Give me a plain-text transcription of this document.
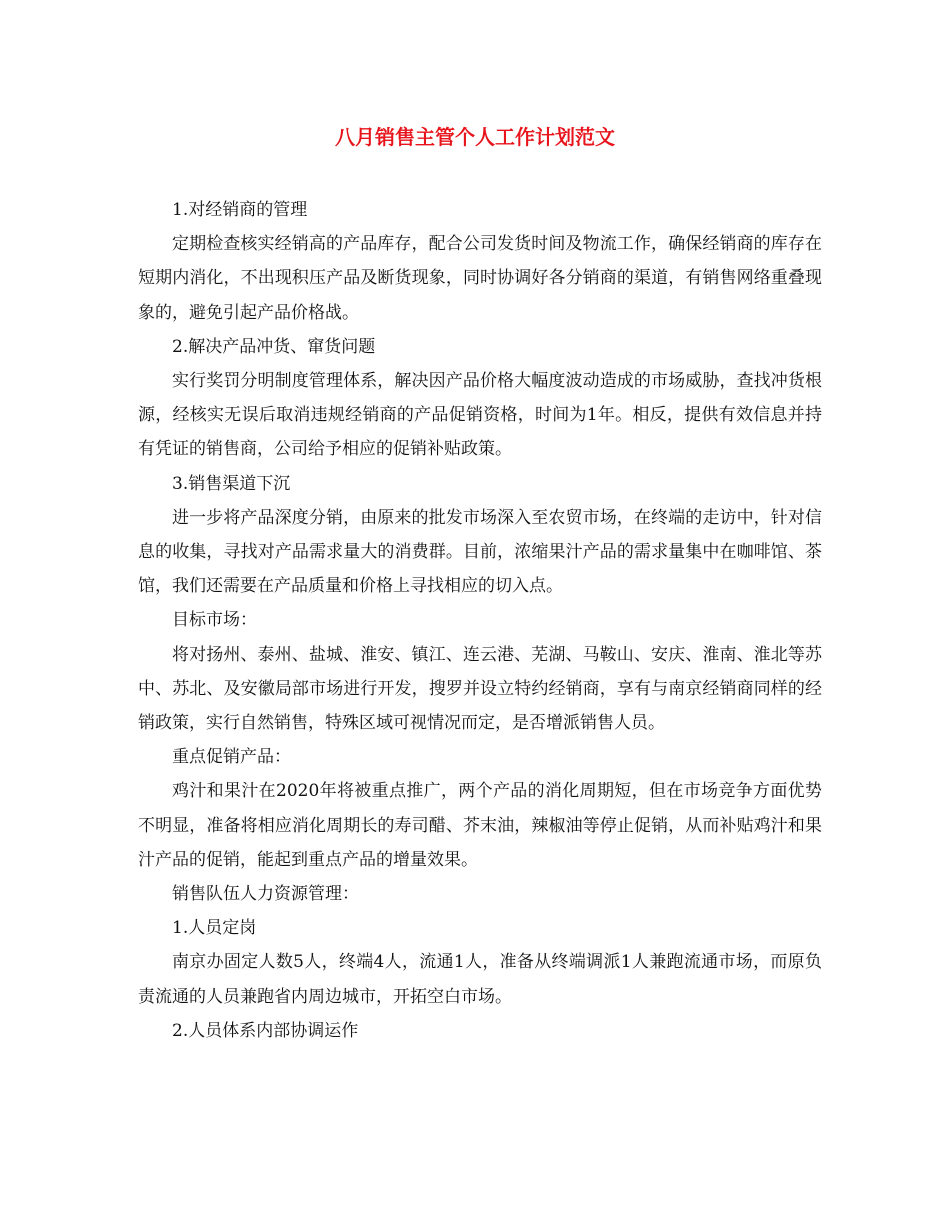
八月销售主管个人工作计划范文

1.对经销商的管理

定期检查核实经销高的产品库存，配合公司发货时间及物流工作，确保经销商的库存在短期内消化，不出现积压产品及断货现象，同时协调好各分销商的渠道，有销售网络重叠现象的，避免引起产品价格战。

2.解决产品冲货、窜货问题

实行奖罚分明制度管理体系，解决因产品价格大幅度波动造成的市场威胁，查找冲货根源，经核实无误后取消违规经销商的产品促销资格，时间为1年。相反，提供有效信息并持有凭证的销售商，公司给予相应的促销补贴政策。

3.销售渠道下沉

进一步将产品深度分销，由原来的批发市场深入至农贸市场，在终端的走访中，针对信息的收集，寻找对产品需求量大的消费群。目前，浓缩果汁产品的需求量集中在咖啡馆、茶馆，我们还需要在产品质量和价格上寻找相应的切入点。

目标市场：

将对扬州、泰州、盐城、淮安、镇江、连云港、芜湖、马鞍山、安庆、淮南、淮北等苏中、苏北、及安徽局部市场进行开发，搜罗并设立特约经销商，享有与南京经销商同样的经销政策，实行自然销售，特殊区域可视情况而定，是否增派销售人员。

重点促销产品：

鸡汁和果汁在2020年将被重点推广，两个产品的消化周期短，但在市场竞争方面优势不明显，准备将相应消化周期长的寿司醋、芥末油，辣椒油等停止促销，从而补贴鸡汁和果汁产品的促销，能起到重点产品的增量效果。

销售队伍人力资源管理：

1.人员定岗

南京办固定人数5人，终端4人，流通1人，准备从终端调派1人兼跑流通市场，而原负责流通的人员兼跑省内周边城市，开拓空白市场。

2.人员体系内部协调运作
